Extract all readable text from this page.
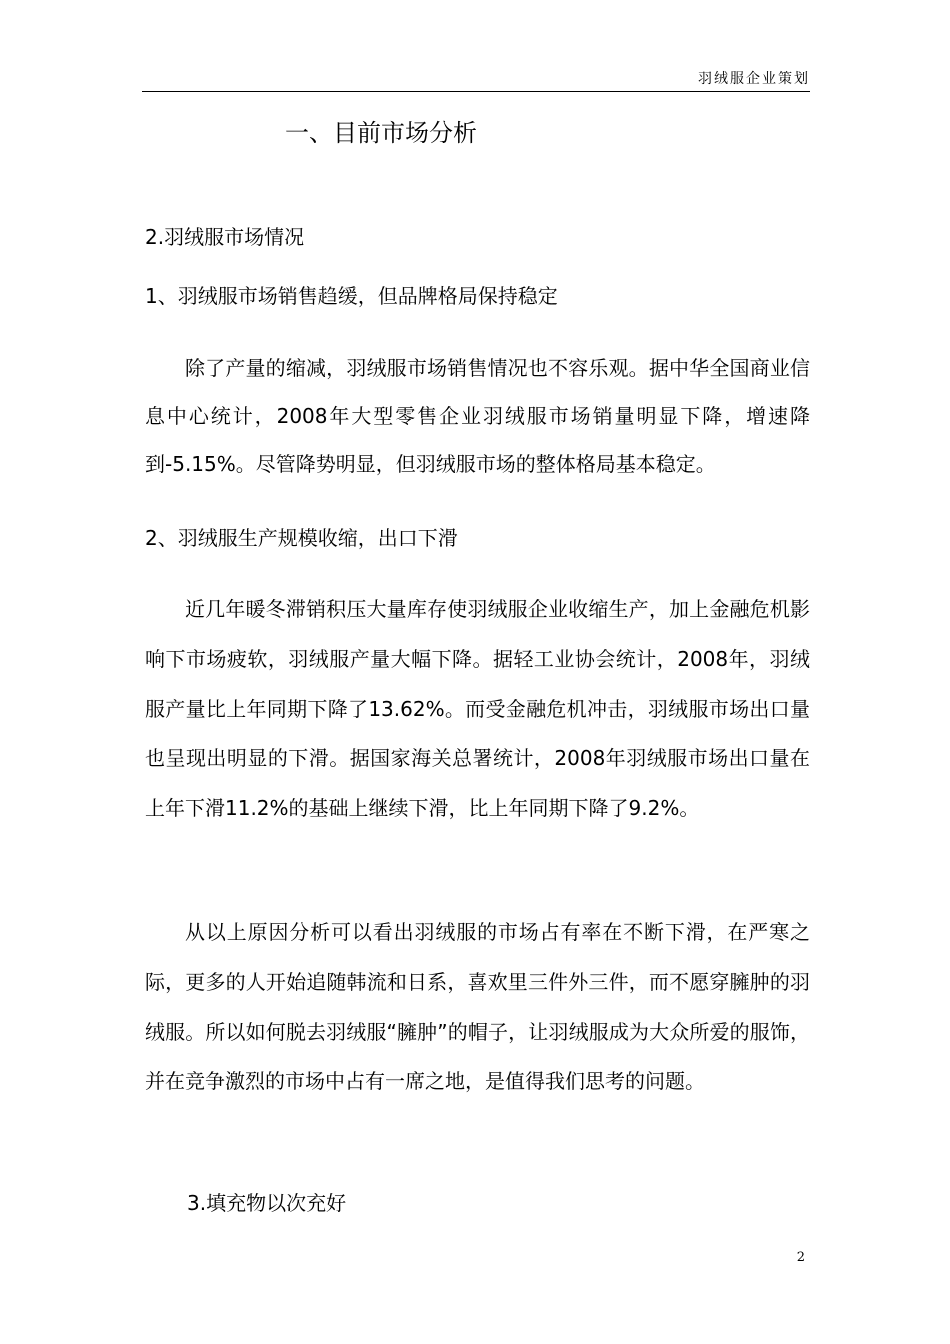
羽绒服企业策划
一、目前市场分析

2.羽绒服市场情况

1、羽绒服市场销售趋缓，但品牌格局保持稳定

除了产量的缩减，羽绒服市场销售情况也不容乐观。据中华全国商业信息中心统计，2008年大型零售企业羽绒服市场销量明显下降，增速降到-5.15%。尽管降势明显，但羽绒服市场的整体格局基本稳定。

2、羽绒服生产规模收缩，出口下滑

近几年暖冬滞销积压大量库存使羽绒服企业收缩生产，加上金融危机影响下市场疲软，羽绒服产量大幅下降。据轻工业协会统计，2008年，羽绒服产量比上年同期下降了13.62%。而受金融危机冲击，羽绒服市场出口量也呈现出明显的下滑。据国家海关总署统计，2008年羽绒服市场出口量在上年下滑11.2%的基础上继续下滑，比上年同期下降了9.2%。

从以上原因分析可以看出羽绒服的市场占有率在不断下滑，在严寒之际，更多的人开始追随韩流和日系，喜欢里三件外三件，而不愿穿臃肿的羽绒服。所以如何脱去羽绒服“臃肿”的帽子，让羽绒服成为大众所爱的服饰，并在竞争激烈的市场中占有一席之地，是值得我们思考的问题。

3.填充物以次充好

2
